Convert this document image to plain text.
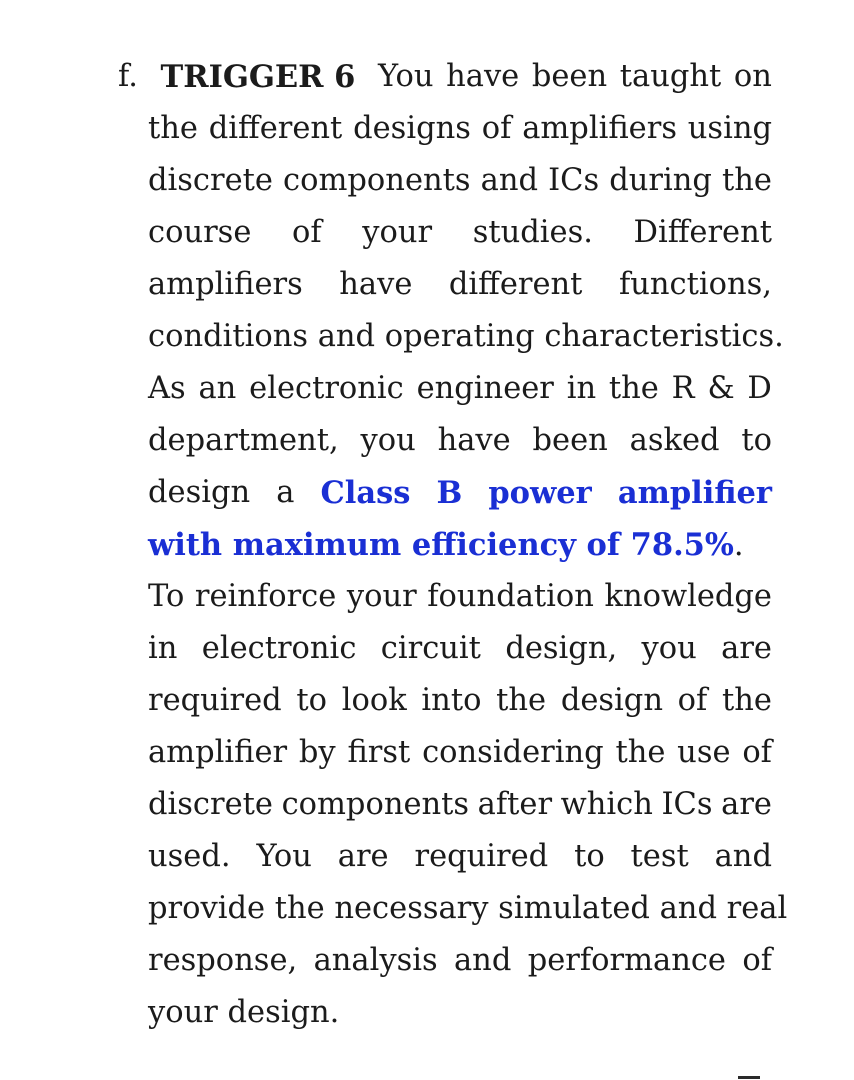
f. TRIGGER 6 You have been taught on
the different designs of amplifiers using
discrete components and ICs during the
course of your studies. Different
amplifiers have different functions,
conditions and operating characteristics.
As an electronic engineer in the R & D
department, you have been asked to
design a Class B power amplifier
with maximum efficiency of 78.5%.
To reinforce your foundation knowledge
in electronic circuit design, you are
required to look into the design of the
amplifier by first considering the use of
discrete components after which ICs are
used. You are required to test and
provide the necessary simulated and real
response, analysis and performance of
your design.
